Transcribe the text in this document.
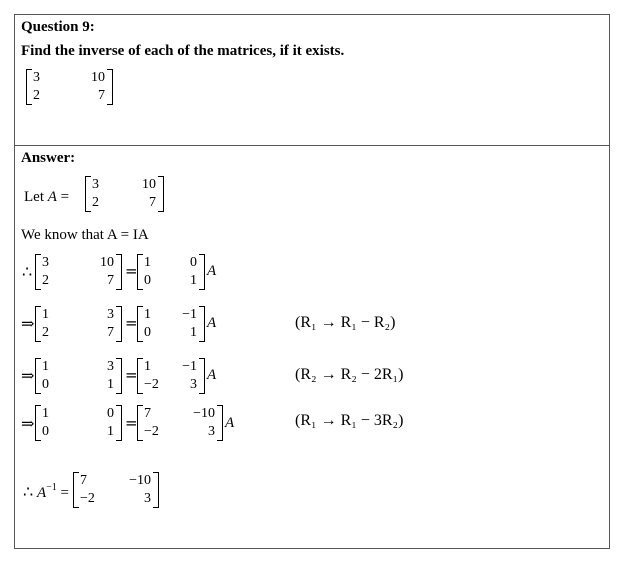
Question 9:
Find the inverse of each of the matrices, if it exists.
3	10
2	7
Answer:
Let A =
3	10
2	7
We know that A = IA
∴
3	10
2	7
= 1	0
0	1
A
⇒
1	3
2	7
= 1 −1
0	1
A	(R₁ → R₁ − R₂)
⇒
1	3
0	1
= 1 −1
−2 3
A	(R₂ → R₂ − 2R₁)
⇒
1	0
0	1 =
7	−10
−2	3
A	(R₁ → R₁ − 3R₂)
∴ $A^{-1}$ =
7	−10
−2	3
